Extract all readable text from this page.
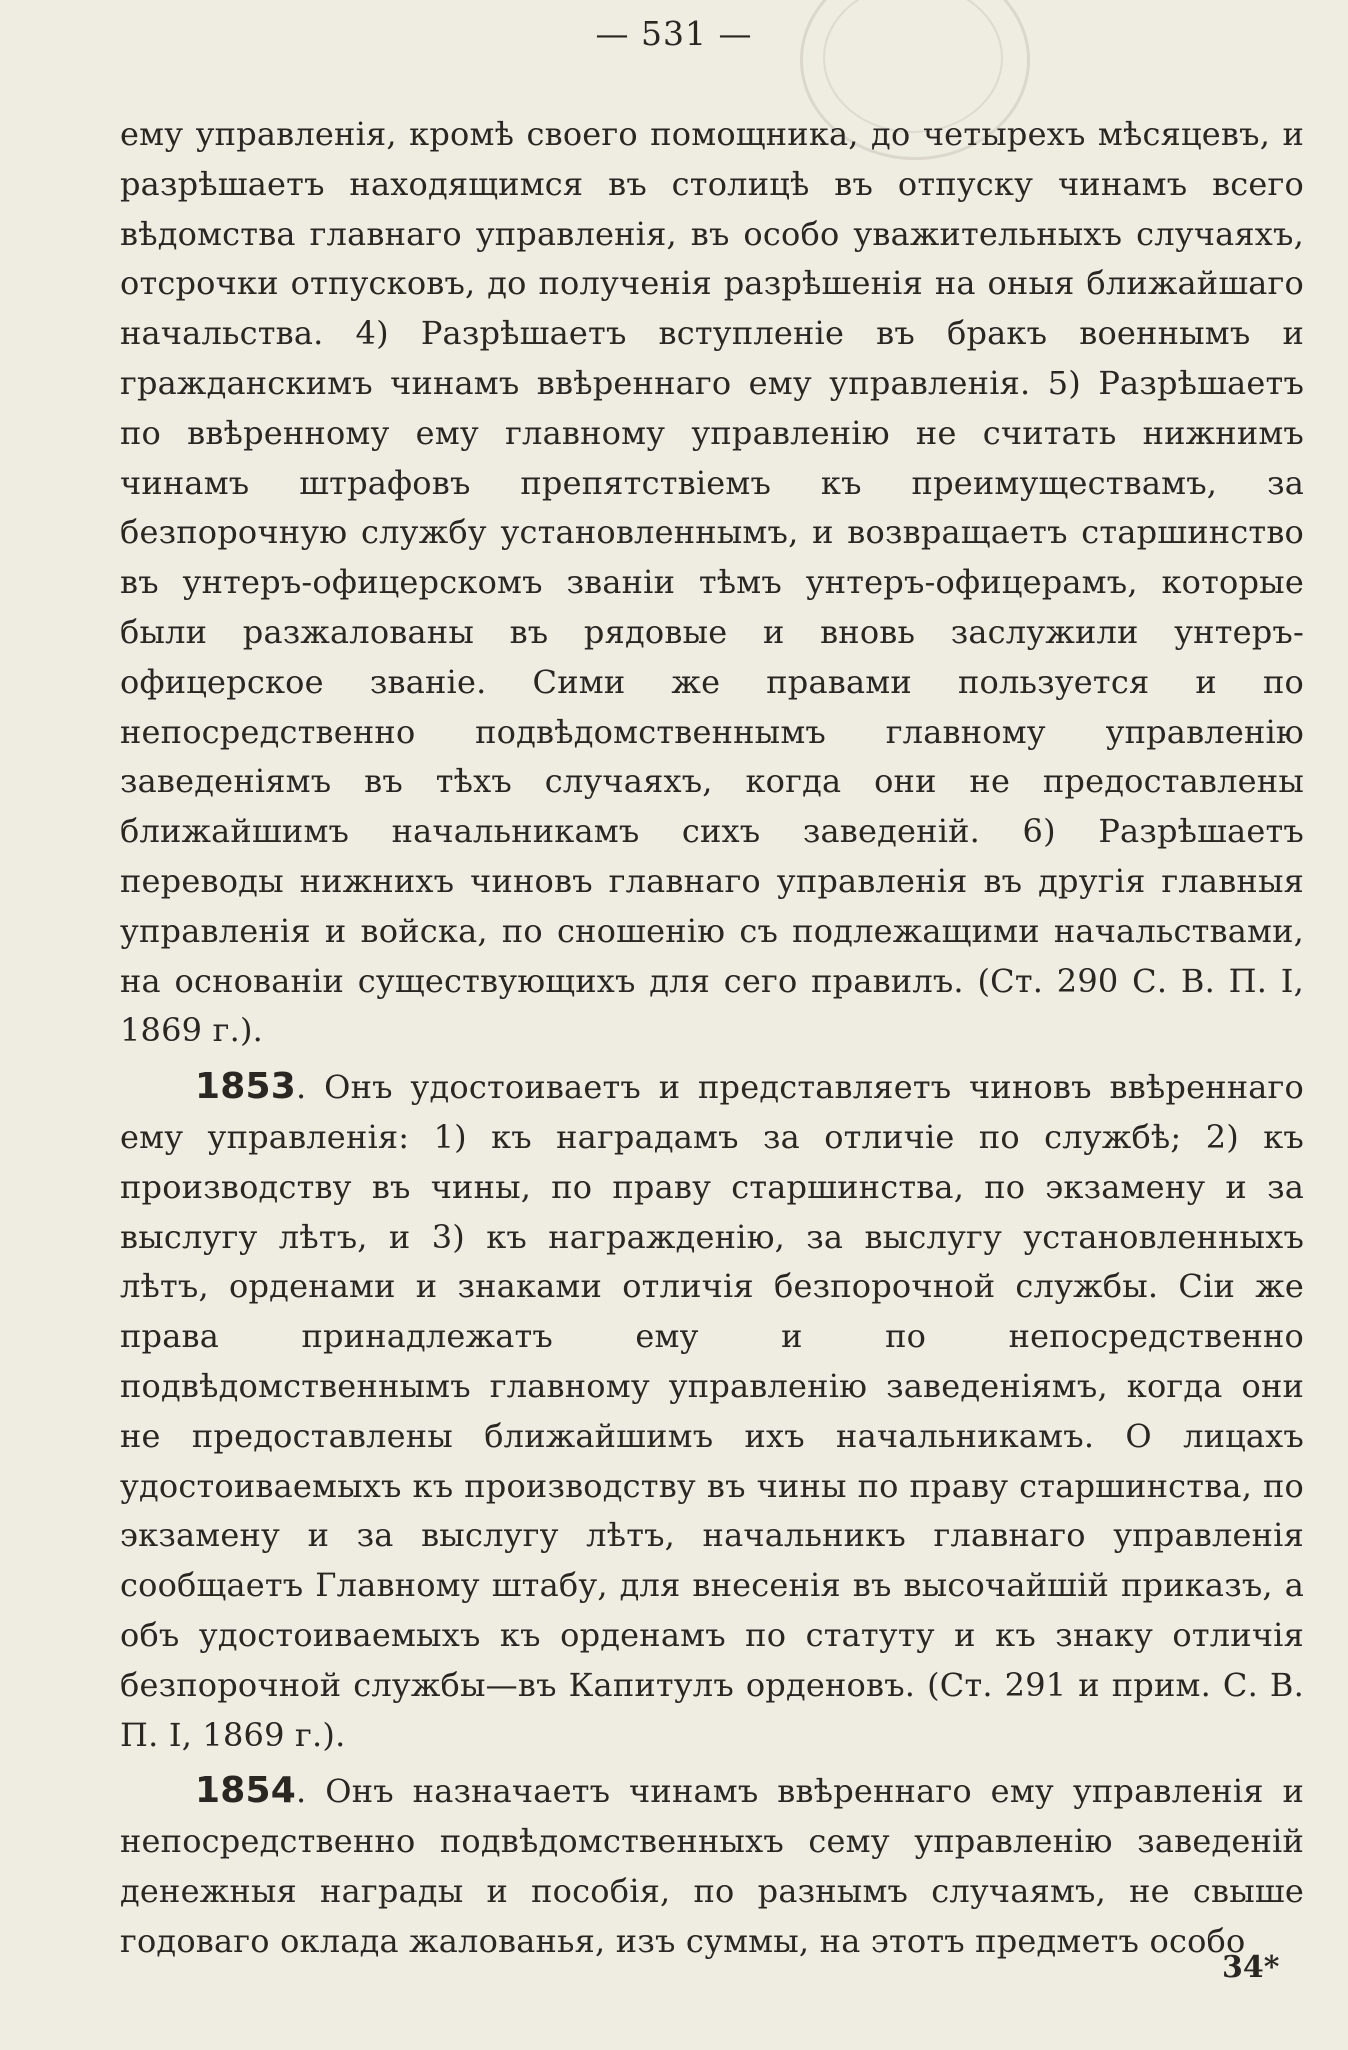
— 531 —

ему управленія, кромѣ своего помощника, до четырехъ мѣсяцевъ, и разрѣшаетъ находящимся въ столицѣ въ отпуску чинамъ всего вѣдомства главнаго управленія, въ особо уважительныхъ случаяхъ, отсрочки отпусковъ, до полученія разрѣшенія на оныя ближайшаго начальства. 4) Разрѣшаетъ вступленіе въ бракъ военнымъ и гражданскимъ чинамъ ввѣреннаго ему управленія. 5) Разрѣшаетъ по ввѣренному ему главному управленію не считать нижнимъ чинамъ штрафовъ препятствіемъ къ преимуществамъ, за безпорочную службу установленнымъ, и возвращаетъ старшинство въ унтеръ-офицерскомъ званіи тѣмъ унтеръ-офицерамъ, которые были разжалованы въ рядовые и вновь заслужили унтеръ-офицерское званіе. Сими же правами пользуется и по непосредственно подвѣдомственнымъ главному управленію заведеніямъ въ тѣхъ случаяхъ, когда они не предоставлены ближайшимъ начальникамъ сихъ заведеній. 6) Разрѣшаетъ переводы нижнихъ чиновъ главнаго управленія въ другія главныя управленія и войска, по сношенію съ подлежащими начальствами, на основаніи существующихъ для сего правилъ. (Ст. 290 С. В. П. I, 1869 г.).

1853. Онъ удостоиваетъ и представляетъ чиновъ ввѣреннаго ему управленія: 1) къ наградамъ за отличіе по службѣ; 2) къ производству въ чины, по праву старшинства, по экзамену и за выслугу лѣтъ, и 3) къ награжденію, за выслугу установленныхъ лѣтъ, орденами и знаками отличія безпорочной службы. Сіи же права принадлежатъ ему и по непосредственно подвѣдомственнымъ главному управленію заведеніямъ, когда они не предоставлены ближайшимъ ихъ начальникамъ. О лицахъ удостоиваемыхъ къ производству въ чины по праву старшинства, по экзамену и за выслугу лѣтъ, начальникъ главнаго управленія сообщаетъ Главному штабу, для внесенія въ высочайшій приказъ, а объ удостоиваемыхъ къ орденамъ по статуту и къ знаку отличія безпорочной службы—въ Капитулъ орденовъ. (Ст. 291 и прим. С. В. П. I, 1869 г.).

1854. Онъ назначаетъ чинамъ ввѣреннаго ему управленія и непосредственно подвѣдомственныхъ сему управленію заведеній денежныя награды и пособія, по разнымъ случаямъ, не свыше годоваго оклада жалованья, изъ суммы, на этотъ предметъ особо

34*
